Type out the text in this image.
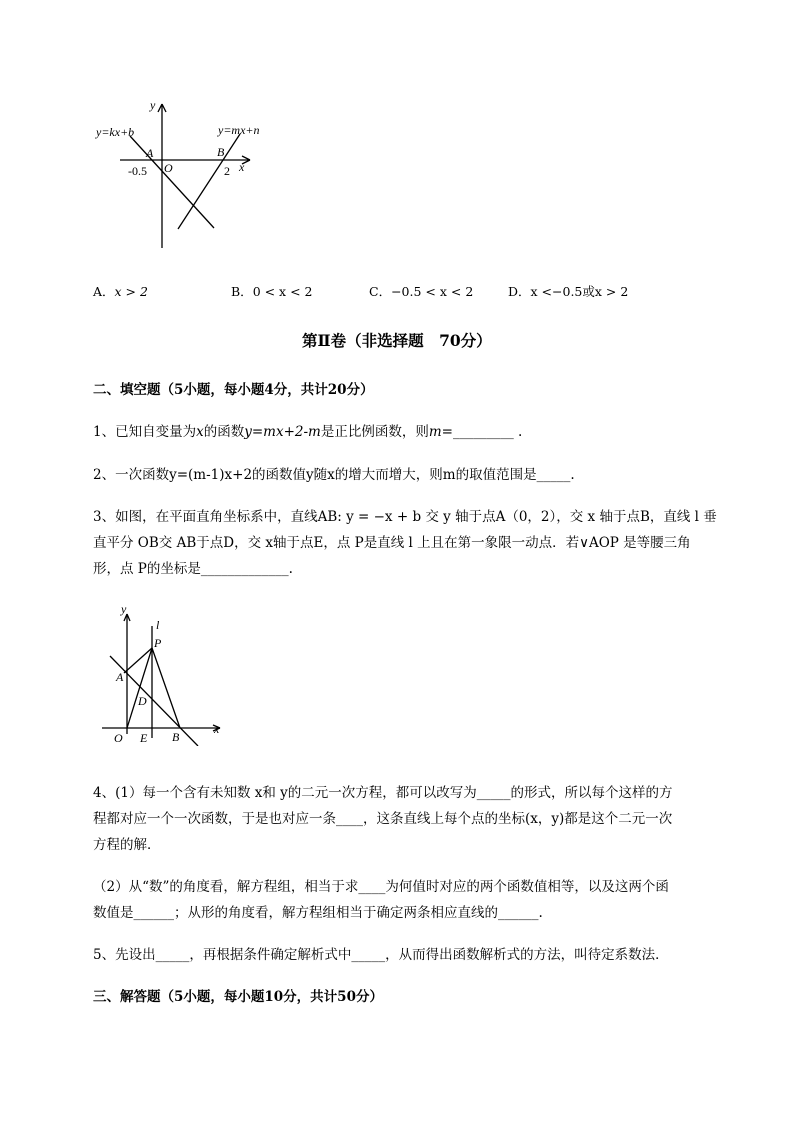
y
y=kx+b	y=mx+n
A	B
-0.5 O	2 x
A．x > 2	B．0 < x < 2	C．−0.5 < x < 2	D．x <−0.5或x > 2
第Ⅱ卷（非选择题　70分）
二、填空题（5小题，每小题4分，共计20分）
1、已知自变量为x的函数y=mx+2-m是正比例函数，则m=_________ .
2、一次函数y=(m-1)x+2的函数值y随x的增大而增大，则m的取值范围是_____.
3、如图，在平面直角坐标系中，直线AB: y = −x + b 交 y 轴于点A（0，2），交 x 轴于点B，直线 l 垂
直平分 OB交 AB于点D，交 x轴于点E，点 P是直线 l 上且在第一象限一动点．若∨AOP 是等腰三角
形，点 P的坐标是_____________.
y
l
P
A
D
O E B
x
4、(1）每一个含有未知数 x和 y的二元一次方程，都可以改写为_____的形式，所以每个这样的方
程都对应一个一次函数，于是也对应一条____，这条直线上每个点的坐标(x，y)都是这个二元一次
方程的解．
（2）从“数”的角度看，解方程组，相当于求____为何值时对应的两个函数值相等，以及这两个函
数值是______；从形的角度看，解方程组相当于确定两条相应直线的______.
5、先设出_____，再根据条件确定解析式中_____，从而得出函数解析式的方法，叫待定系数法．
三、解答题（5小题，每小题10分，共计50分）
